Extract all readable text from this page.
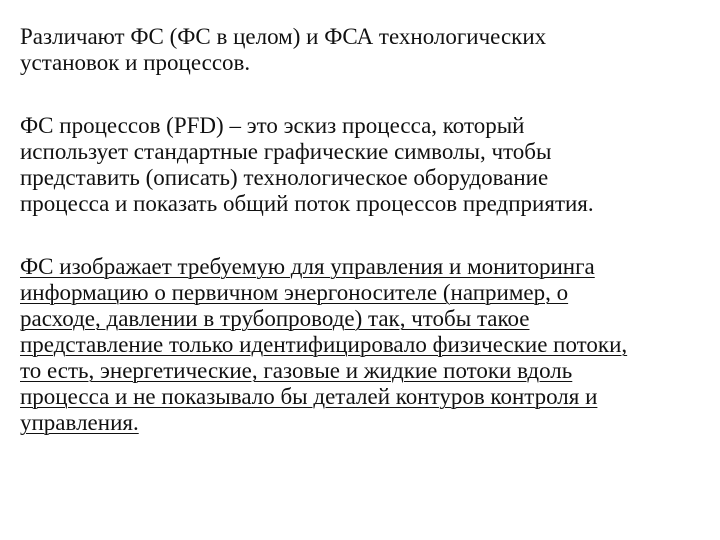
Различают ФС (ФС в целом) и ФСА технологических
установок и процессов.

ФС процессов (PFD) – это эскиз процесса, который
использует стандартные графические символы, чтобы
представить (описать) технологическое оборудование
процесса и показать общий поток процессов предприятия.

ФС изображает требуемую для управления и мониторинга
информацию о первичном энергоносителе (например, о
расходе, давлении в трубопроводе) так, чтобы такое
представление только идентифицировало физические потоки,
то есть, энергетические, газовые и жидкие потоки вдоль
процесса и не показывало бы деталей контуров контроля и
управления.
